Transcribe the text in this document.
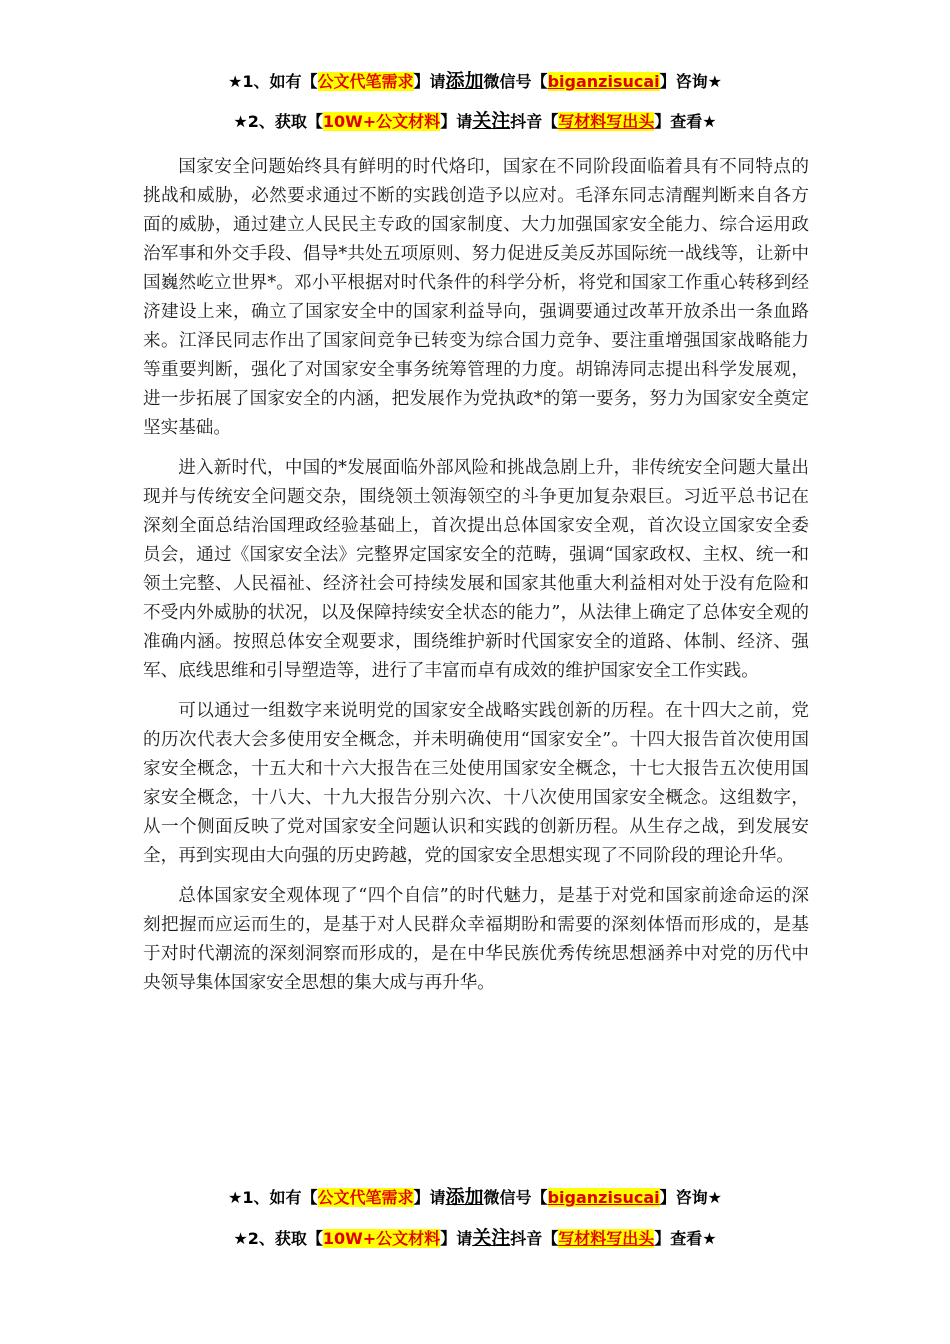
★1、如有【公文代笔需求】请添加微信号【biganzisucai】咨询★
★2、获取【10W+公文材料】请关注抖音【写材料写出头】查看★

国家安全问题始终具有鲜明的时代烙印，国家在不同阶段面临着具有不同特点的挑战和威胁，必然要求通过不断的实践创造予以应对。毛泽东同志清醒判断来自各方面的威胁，通过建立人民民主专政的国家制度、大力加强国家安全能力、综合运用政治军事和外交手段、倡导*共处五项原则、努力促进反美反苏国际统一战线等，让新中国巍然屹立世界*。邓小平根据对时代条件的科学分析，将党和国家工作重心转移到经济建设上来，确立了国家安全中的国家利益导向，强调要通过改革开放杀出一条血路来。江泽民同志作出了国家间竞争已转变为综合国力竞争、要注重增强国家战略能力等重要判断，强化了对国家安全事务统筹管理的力度。胡锦涛同志提出科学发展观，进一步拓展了国家安全的内涵，把发展作为党执政*的第一要务，努力为国家安全奠定坚实基础。

进入新时代，中国的*发展面临外部风险和挑战急剧上升，非传统安全问题大量出现并与传统安全问题交杂，围绕领土领海领空的斗争更加复杂艰巨。习近平总书记在深刻全面总结治国理政经验基础上，首次提出总体国家安全观，首次设立国家安全委员会，通过《国家安全法》完整界定国家安全的范畴，强调“国家政权、主权、统一和领土完整、人民福祉、经济社会可持续发展和国家其他重大利益相对处于没有危险和不受内外威胁的状况，以及保障持续安全状态的能力”，从法律上确定了总体安全观的准确内涵。按照总体安全观要求，围绕维护新时代国家安全的道路、体制、经济、强军、底线思维和引导塑造等，进行了丰富而卓有成效的维护国家安全工作实践。

可以通过一组数字来说明党的国家安全战略实践创新的历程。在十四大之前，党的历次代表大会多使用安全概念，并未明确使用“国家安全”。十四大报告首次使用国家安全概念，十五大和十六大报告在三处使用国家安全概念，十七大报告五次使用国家安全概念，十八大、十九大报告分别六次、十八次使用国家安全概念。这组数字，从一个侧面反映了党对国家安全问题认识和实践的创新历程。从生存之战，到发展安全，再到实现由大向强的历史跨越，党的国家安全思想实现了不同阶段的理论升华。

总体国家安全观体现了“四个自信”的时代魅力，是基于对党和国家前途命运的深刻把握而应运而生的，是基于对人民群众幸福期盼和需要的深刻体悟而形成的，是基于对时代潮流的深刻洞察而形成的，是在中华民族优秀传统思想涵养中对党的历代中央领导集体国家安全思想的集大成与再升华。

★1、如有【公文代笔需求】请添加微信号【biganzisucai】咨询★
★2、获取【10W+公文材料】请关注抖音【写材料写出头】查看★
